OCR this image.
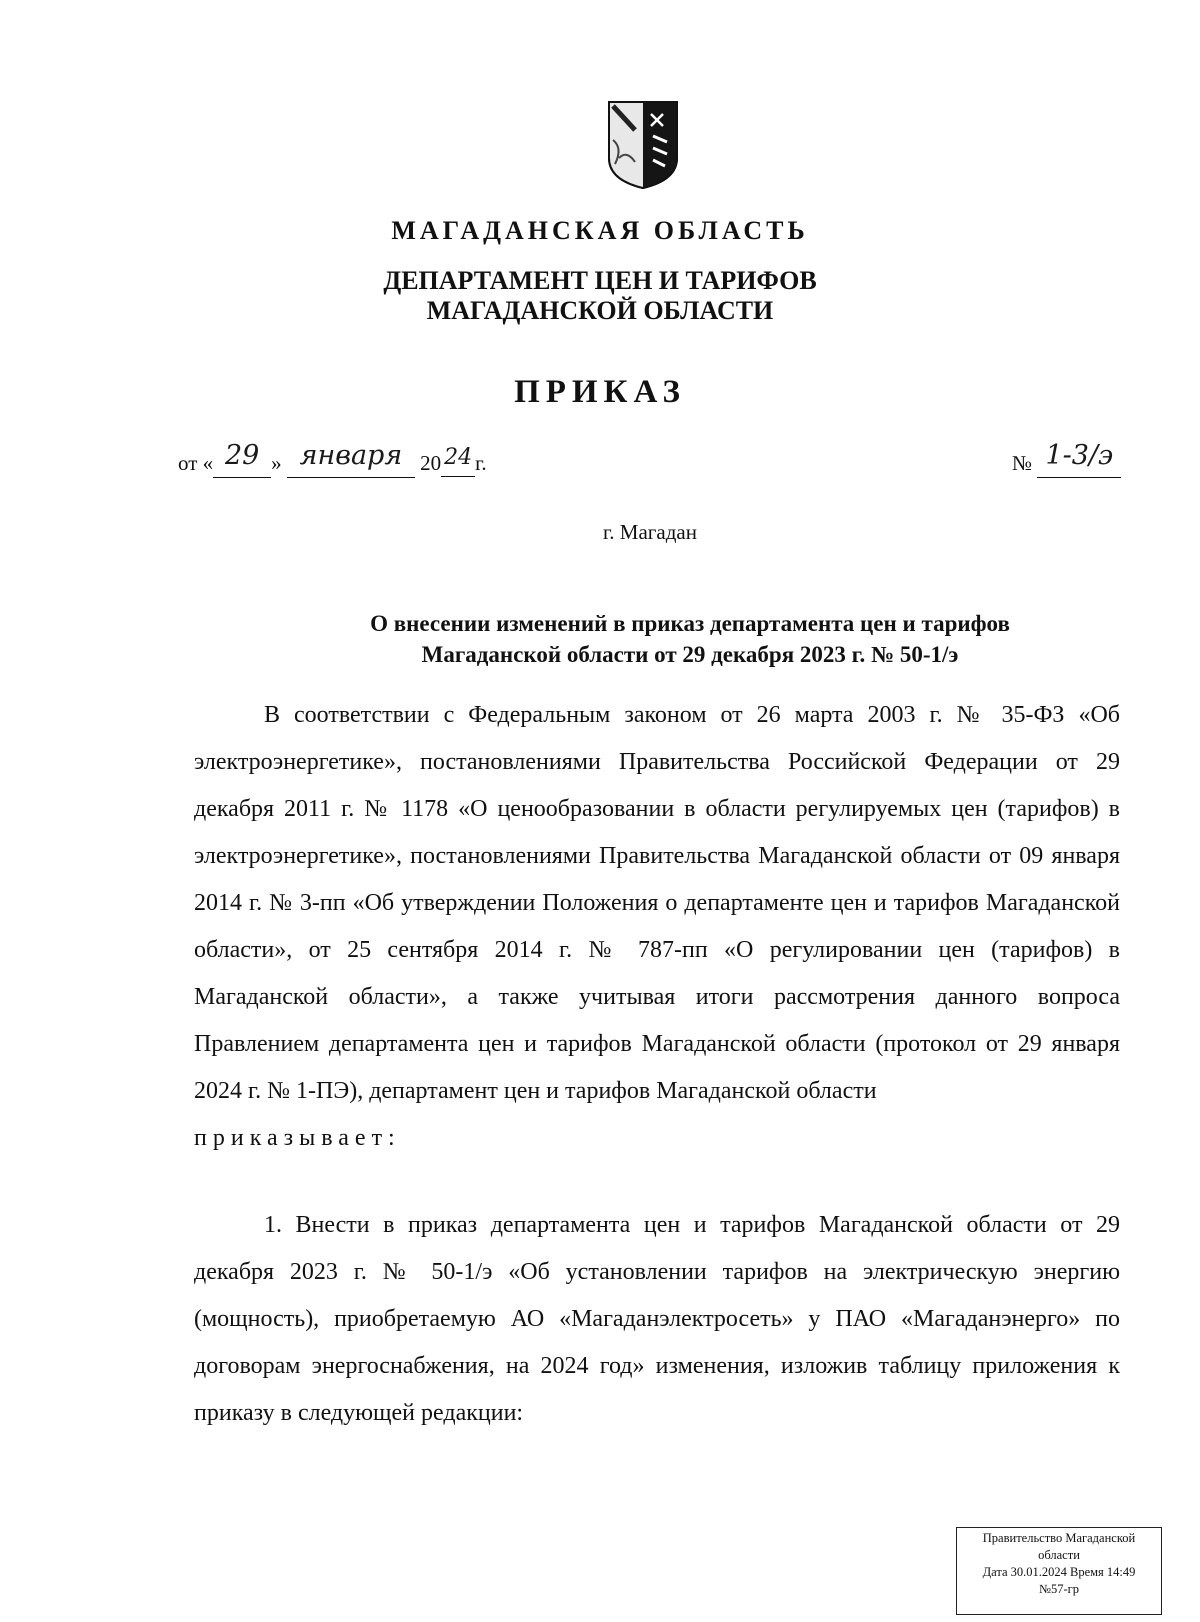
МАГАДАНСКАЯ ОБЛАСТЬ
ДЕПАРТАМЕНТ ЦЕН И ТАРИФОВ
МАГАДАНСКОЙ ОБЛАСТИ
ПРИКАЗ
от « 29 » января 20 24 г.	№ 1-3/э
г. Магадан
О внесении изменений в приказ департамента цен и тарифов
Магаданской области от 29 декабря 2023 г. № 50-1/э
В соответствии с Федеральным законом от 26 марта 2003 г. № 35-ФЗ «Об электроэнергетике», постановлениями Правительства Российской Федерации от 29 декабря 2011 г. № 1178 «О ценообразовании в области регулируемых цен (тарифов) в электроэнергетике», постановлениями Правительства Магаданской области от 09 января 2014 г. № 3-пп «Об утверждении Положения о департаменте цен и тарифов Магаданской области», от 25 сентября 2014 г. № 787-пп «О регулировании цен (тарифов) в Магаданской области», а также учитывая итоги рассмотрения данного вопроса Правлением департамента цен и тарифов Магаданской области (протокол от 29 января 2024 г. № 1-ПЭ), департамент цен и тарифов Магаданской области
приказывает:
1. Внести в приказ департамента цен и тарифов Магаданской области от 29 декабря 2023 г. № 50-1/э «Об установлении тарифов на электрическую энергию (мощность), приобретаемую АО «Магаданэлектросеть» у ПАО «Магаданэнерго» по договорам энергоснабжения, на 2024 год» изменения, изложив таблицу приложения к приказу в следующей редакции:
Правительство Магаданской
области
Дата 30.01.2024 Время 14:49
№57-гр
